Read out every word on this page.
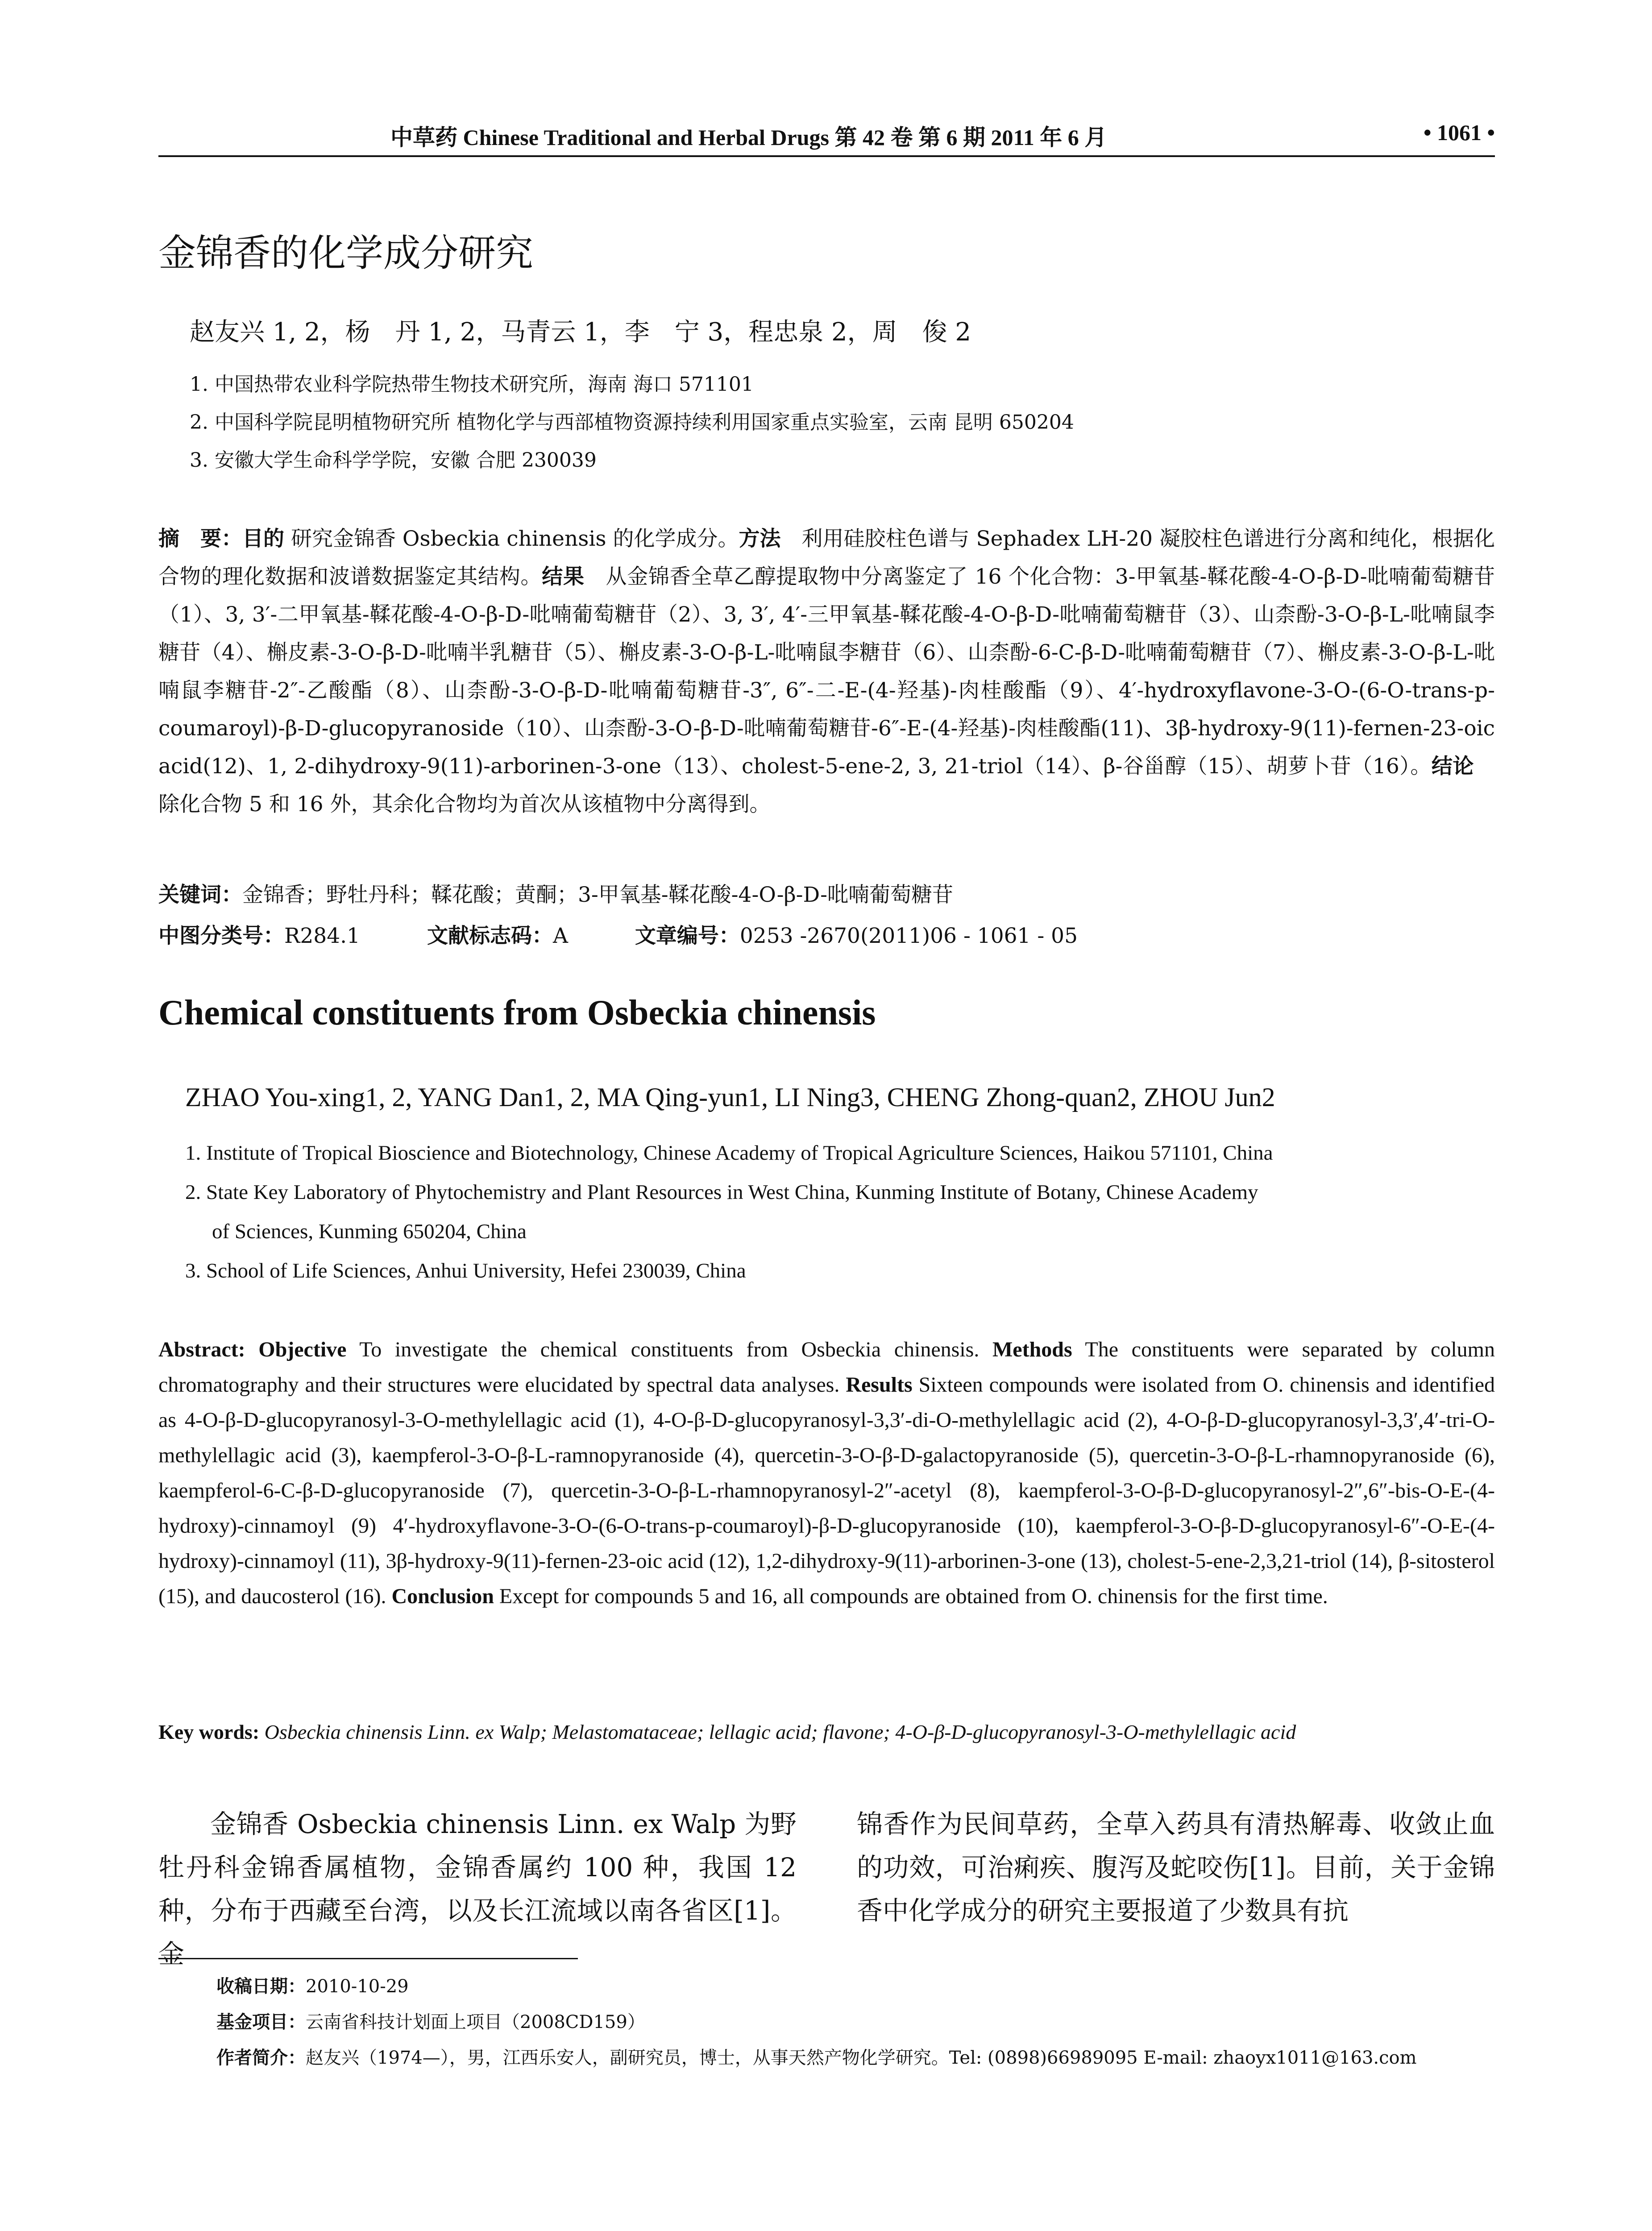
中草药 Chinese Traditional and Herbal Drugs 第 42 卷 第 6 期 2011 年 6 月	• 1061 •
金锦香的化学成分研究
赵友兴 1, 2，杨　丹 1, 2，马青云 1，李　宁 3，程忠泉 2，周　俊 2
1. 中国热带农业科学院热带生物技术研究所，海南 海口 571101
2. 中国科学院昆明植物研究所 植物化学与西部植物资源持续利用国家重点实验室，云南 昆明 650204
3. 安徽大学生命科学学院，安徽 合肥 230039
摘　要：目的 研究金锦香 Osbeckia chinensis 的化学成分。方法　利用硅胶柱色谱与 Sephadex LH-20 凝胶柱色谱进行分离和纯化，根据化合物的理化数据和波谱数据鉴定其结构。结果　从金锦香全草乙醇提取物中分离鉴定了 16 个化合物：3-甲氧基-鞣花酸-4-O-β-D-吡喃葡萄糖苷（1）、3, 3′-二甲氧基-鞣花酸-4-O-β-D-吡喃葡萄糖苷（2）、3, 3′, 4′-三甲氧基-鞣花酸-4-O-β-D-吡喃葡萄糖苷（3）、山柰酚-3-O-β-L-吡喃鼠李糖苷（4）、槲皮素-3-O-β-D-吡喃半乳糖苷（5）、槲皮素-3-O-β-L-吡喃鼠李糖苷（6）、山柰酚-6-C-β-D-吡喃葡萄糖苷（7）、槲皮素-3-O-β-L-吡喃鼠李糖苷-2″-乙酸酯（8）、山柰酚-3-O-β-D-吡喃葡萄糖苷-3″, 6″-二-E-(4-羟基)-肉桂酸酯（9）、4′-hydroxyflavone-3-O-(6-O-trans-p-coumaroyl)-β-D-glucopyranoside（10）、山柰酚-3-O-β-D-吡喃葡萄糖苷-6″-E-(4-羟基)-肉桂酸酯(11)、3β-hydroxy-9(11)-fernen-23-oic acid(12)、1, 2-dihydroxy-9(11)-arborinen-3-one（13）、cholest-5-ene-2, 3, 21-triol（14）、β-谷甾醇（15）、胡萝卜苷（16）。结论　除化合物 5 和 16 外，其余化合物均为首次从该植物中分离得到。
关键词：金锦香；野牡丹科；鞣花酸；黄酮；3-甲氧基-鞣花酸-4-O-β-D-吡喃葡萄糖苷
中图分类号：R284.1	文献标志码：A	文章编号：0253 -2670(2011)06 - 1061 - 05
Chemical constituents from Osbeckia chinensis
ZHAO You-xing1, 2, YANG Dan1, 2, MA Qing-yun1, LI Ning3, CHENG Zhong-quan2, ZHOU Jun2
1. Institute of Tropical Bioscience and Biotechnology, Chinese Academy of Tropical Agriculture Sciences, Haikou 571101, China
2. State Key Laboratory of Phytochemistry and Plant Resources in West China, Kunming Institute of Botany, Chinese Academy
of Sciences, Kunming 650204, China
3. School of Life Sciences, Anhui University, Hefei 230039, China
Abstract: Objective To investigate the chemical constituents from Osbeckia chinensis. Methods The constituents were separated by column chromatography and their structures were elucidated by spectral data analyses. Results Sixteen compounds were isolated from O. chinensis and identified as 4-O-β-D-glucopyranosyl-3-O-methylellagic acid (1), 4-O-β-D-glucopyranosyl-3,3′-di-O-methylellagic acid (2), 4-O-β-D-glucopyranosyl-3,3′,4′-tri-O-methylellagic acid (3), kaempferol-3-O-β-L-ramnopyranoside (4), quercetin-3-O-β-D-galactopyranoside (5), quercetin-3-O-β-L-rhamnopyranoside (6), kaempferol-6-C-β-D-glucopyranoside (7), quercetin-3-O-β-L-rhamnopyranosyl-2″-acetyl (8), kaempferol-3-O-β-D-glucopyranosyl-2″,6″-bis-O-E-(4-hydroxy)-cinnamoyl (9) 4′-hydroxyflavone-3-O-(6-O-trans-p-coumaroyl)-β-D-glucopyranoside (10), kaempferol-3-O-β-D-glucopyranosyl-6″-O-E-(4-hydroxy)-cinnamoyl (11), 3β-hydroxy-9(11)-fernen-23-oic acid (12), 1,2-dihydroxy-9(11)-arborinen-3-one (13), cholest-5-ene-2,3,21-triol (14), β-sitosterol (15), and daucosterol (16). Conclusion Except for compounds 5 and 16, all compounds are obtained from O. chinensis for the first time.
Key words: Osbeckia chinensis Linn. ex Walp; Melastomataceae; lellagic acid; flavone; 4-O-β-D-glucopyranosyl-3-O-methylellagic acid
金锦香 Osbeckia chinensis Linn. ex Walp 为野牡丹科金锦香属植物，金锦香属约 100 种，我国 12 种，分布于西藏至台湾，以及长江流域以南各省区[1]。金
锦香作为民间草药，全草入药具有清热解毒、收敛止血的功效，可治痢疾、腹泻及蛇咬伤[1]。目前，关于金锦香中化学成分的研究主要报道了少数具有抗
收稿日期：2010-10-29
基金项目：云南省科技计划面上项目（2008CD159）
作者简介：赵友兴（1974—），男，江西乐安人，副研究员，博士，从事天然产物化学研究。Tel: (0898)66989095 E-mail: zhaoyx1011@163.com
